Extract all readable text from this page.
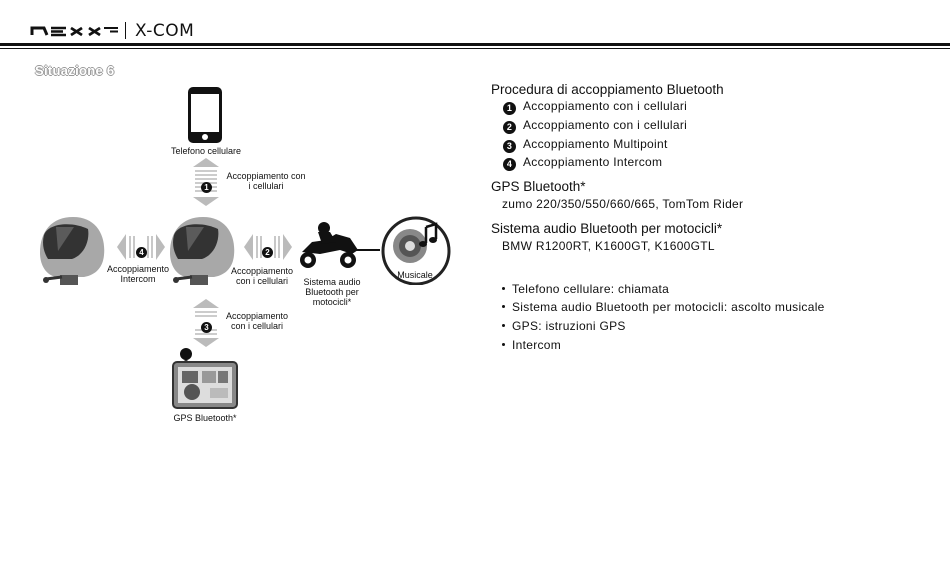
X-COM
Situazione 6
Telefono cellulare
1
Accoppiamento con
i cellulari
4
Accoppiamento
Intercom
2
Accoppiamento
con i cellulari	Sistema audio
Bluetooth per
motocicli*
Musicale
3
Accoppiamento
con i cellulari
GPS Bluetooth*
Procedura di accoppiamento Bluetooth
1 Accoppiamento con i cellulari
2 Accoppiamento con i cellulari
3 Accoppiamento Multipoint
4 Accoppiamento Intercom
GPS Bluetooth*
zumo 220/350/550/660/665, TomTom Rider
Sistema audio Bluetooth per motocicli*
BMW R1200RT, K1600GT, K1600GTL
Telefono cellulare: chiamata
Sistema audio Bluetooth per motocicli: ascolto musicale
GPS: istruzioni GPS
Intercom
